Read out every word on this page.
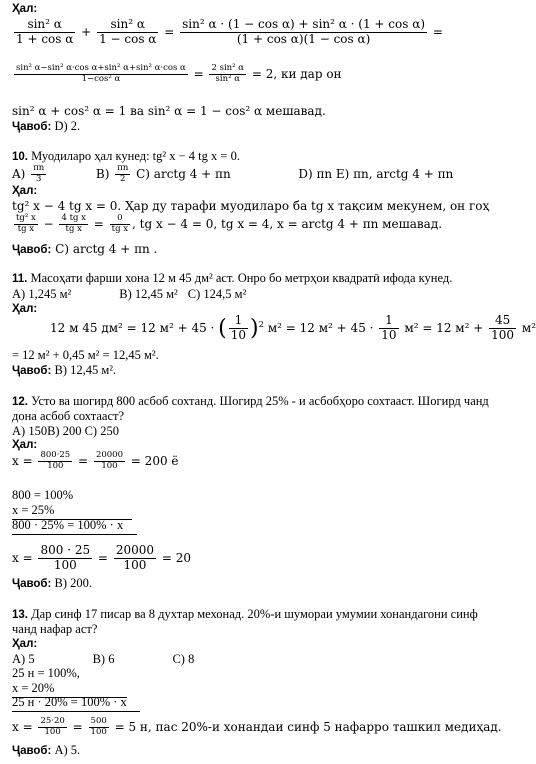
Ҳал:
$\frac{\text{sin² α}}{\text{1 + cos α}} + \frac{\text{sin² α}}{\text{1 − cos α}} = \frac{\text{sin² α · (1 − cos α) + sin² α · (1 + cos α)}}{\text{(1 + cos α)(1 − cos α)}}$ =
$\frac{\text{sin² α−sin² α·cos α+sin² α+sin² α·cos α}}{\text{1−cos² α}} = \frac{\text{2 sin² α}}{\text{sin² α}} = 2$, ки дар он
sin² α + cos² α = 1 ва sin² α = 1 − cos² α мешавад.
Ҷавоб: D) 2.
10. Муодиларо ҳал кунед: tg² x − 4 tg x = 0.
$A) \frac{\pi n}{3}$	$B) \frac{\pi n}{2} C$) arctg 4 + πn	D) πn E) πn, arctg 4 + πn
Ҳал:
tg² x − 4 tg x = 0. Ҳар ду тарафи муодиларо ба tg x тақсим мекунем, он гоҳ
$\frac{\text{tg² x}}{\text{tg x}} - \frac{\text{4 tg x}}{\text{tg x}} = \frac{0}{\text{tg x}}$ , tg x − 4 = 0, tg x = 4, x = arctg 4 + πn мешавад.
Ҷавоб: C) arctg 4 + πn .
11. Масоҳати фарши хона 12 м 45 дм² аст. Онро бо метрҳои квадратӣ ифода кунед.
A) 1,245 м²	B) 12,45 м² C) 124,5 м²
Ҳал:
12 м 45 дм² = 12 м² + 45 · ( $\frac{1}{10} )^2$ м² = 12 $м^2 + 45 \cdot \frac{1}{10} м^2 = 12$ $м^2 + \frac{45}{100} м^2$
= 12 м² + 0,45 м² = 12,45 м².
Ҷавоб: B) 12,45 м².
12. Усто ва шогирд 800 асбоб сохтанд. Шогирд 25% - и асбобҳоро сохтааст. Шогирд чанд
дона асбоб сохтааст?
A) 150B) 200 C) 250
Ҳал:
$x = \frac{800\cdot 25}{100} = \frac{20000}{100} = 200$ ё
800 = 100%
x = 25%
800 · 25% = 100% · x
$x = \frac{800 \cdot 25}{100} = \frac{20000}{100} = 20$
Ҷавоб: B) 200.
13. Дар синф 17 писар ва 8 духтар мехонад. 20%-и шумораи умумии хонандагони синф
чанд нафар аст?
Ҳал:
A) 5	B) 6	C) 8
25 н = 100%,
x = 20%
25 н · 20% = 100% · x
$x = \frac{25\cdot 20}{100} = \frac{500}{100} = 5$ н, пас 20%-и хонандаи синф 5 нафарро ташкил медиҳад.
Ҷавоб: A) 5.
